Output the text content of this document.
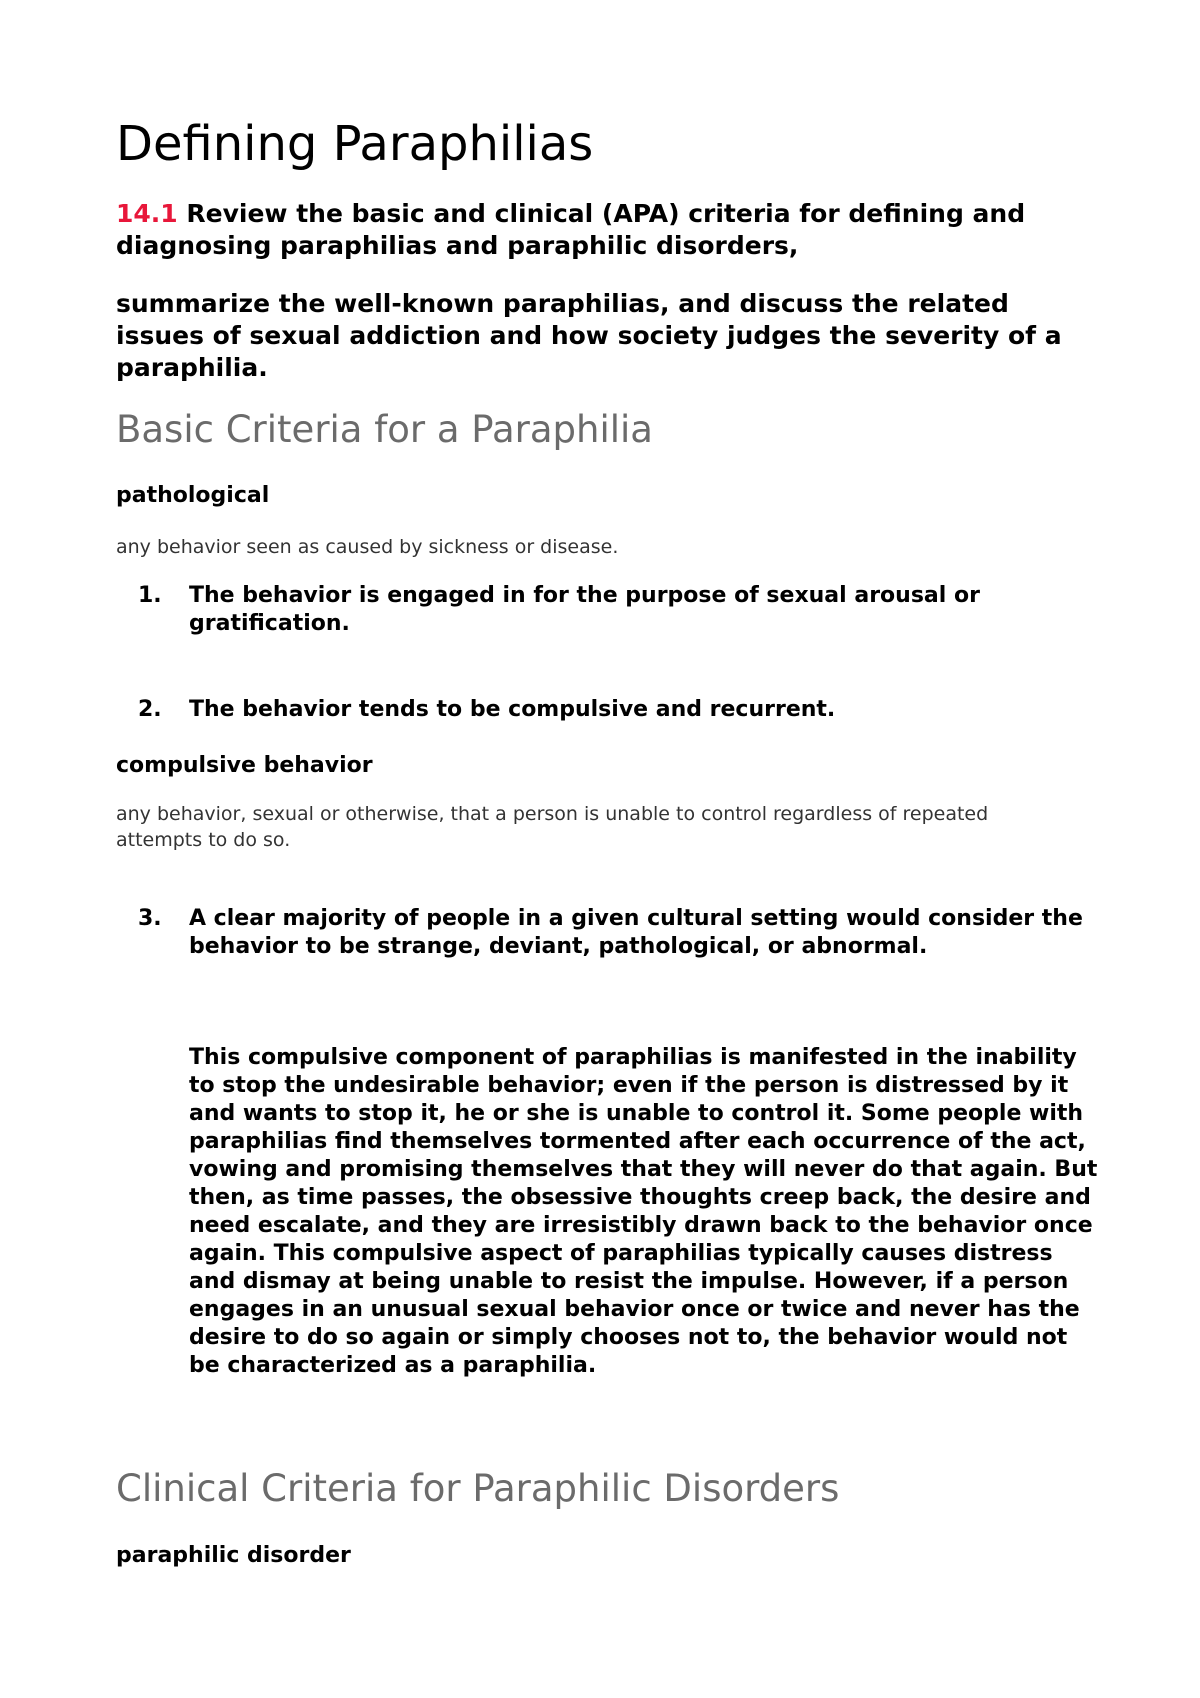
Defining Paraphilias

14.1 Review the basic and clinical (APA) criteria for defining and diagnosing paraphilias and paraphilic disorders,

summarize the well-known paraphilias, and discuss the related issues of sexual addiction and how society judges the severity of a paraphilia.

Basic Criteria for a Paraphilia

pathological

any behavior seen as caused by sickness or disease.

1. The behavior is engaged in for the purpose of sexual arousal or gratification.
2. The behavior tends to be compulsive and recurrent.

compulsive behavior

any behavior, sexual or otherwise, that a person is unable to control regardless of repeated attempts to do so.

3. A clear majority of people in a given cultural setting would consider the behavior to be strange, deviant, pathological, or abnormal.

This compulsive component of paraphilias is manifested in the inability to stop the undesirable behavior; even if the person is distressed by it and wants to stop it, he or she is unable to control it. Some people with paraphilias find themselves tormented after each occurrence of the act, vowing and promising themselves that they will never do that again. But then, as time passes, the obsessive thoughts creep back, the desire and need escalate, and they are irresistibly drawn back to the behavior once again. This compulsive aspect of paraphilias typically causes distress and dismay at being unable to resist the impulse. However, if a person engages in an unusual sexual behavior once or twice and never has the desire to do so again or simply chooses not to, the behavior would not be characterized as a paraphilia.

Clinical Criteria for Paraphilic Disorders

paraphilic disorder
